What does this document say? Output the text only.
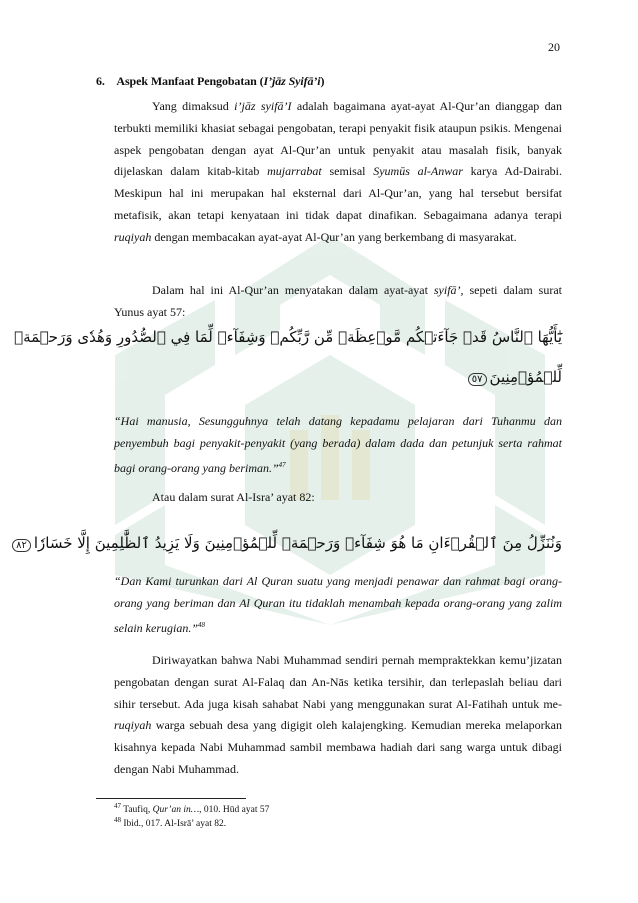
20
6. Aspek Manfaat Pengobatan (I’jāz Syifā’i)

Yang dimaksud i’jāz syifā’I adalah bagaimana ayat-ayat Al-Qur’an dianggap dan terbukti memiliki khasiat sebagai pengobatan, terapi penyakit fisik ataupun psikis. Mengenai aspek pengobatan dengan ayat Al-Qur’an untuk penyakit atau masalah fisik, banyak dijelaskan dalam kitab-kitab mujarrabat semisal Syumūs al-Anwar karya Ad-Dairabi. Meskipun hal ini merupakan hal eksternal dari Al-Qur’an, yang hal tersebut bersifat metafisik, akan tetapi kenyataan ini tidak dapat dinafikan. Sebagaimana adanya terapi ruqiyah dengan membacakan ayat-ayat Al-Qur’an yang berkembang di masyarakat.

Dalam hal ini Al-Qur’an menyatakan dalam ayat-ayat syifā’, sepeti dalam surat Yunus ayat 57:

يَٰٓأَيُّهَا ٱلنَّاسُ قَدۡ جَآءَتۡكُم مَّوۡعِظَةٞ مِّن رَّبِّكُمۡ وَشِفَآءٞ لِّمَا فِي ٱلصُّدُورِ وَهُدٗى وَرَحۡمَةٞ
لِّلۡمُؤۡمِنِينَ٥٧

“Hai manusia, Sesungguhnya telah datang kepadamu pelajaran dari Tuhanmu dan penyembuh bagi penyakit-penyakit (yang berada) dalam dada dan petunjuk serta rahmat bagi orang-orang yang beriman.”$^{47}$

Atau dalam surat Al-Isra’ ayat 82:

وَنُنَزِّلُ مِنَ ٱلۡقُرۡءَانِ مَا هُوَ شِفَآءٞ وَرَحۡمَةٞ لِّلۡمُؤۡمِنِينَ وَلَا يَزِيدُ ٱلظَّٰلِمِينَ إِلَّا خَسَارٗا٨٢

“Dan Kami turunkan dari Al Quran suatu yang menjadi penawar dan rahmat bagi orang-orang yang beriman dan Al Quran itu tidaklah menambah kepada orang-orang yang zalim selain kerugian.”$^{48}$

Diriwayatkan bahwa Nabi Muhammad sendiri pernah mempraktekkan kemu’jizatan pengobatan dengan surat Al-Falaq dan An-Nās ketika tersihir, dan terlepaslah beliau dari sihir tersebut. Ada juga kisah sahabat Nabi yang menggunakan surat Al-Fatihah untuk me-ruqiyah warga sebuah desa yang digigit oleh kalajengking. Kemudian mereka melaporkan kisahnya kepada Nabi Muhammad sambil membawa hadiah dari sang warga untuk dibagi dengan Nabi Muhammad.

$^{47}$ Taufiq, Qur’an in…, 010. Hūd ayat 57
$^{48}$ Ibid., 017. Al-Isrā’ ayat 82.
